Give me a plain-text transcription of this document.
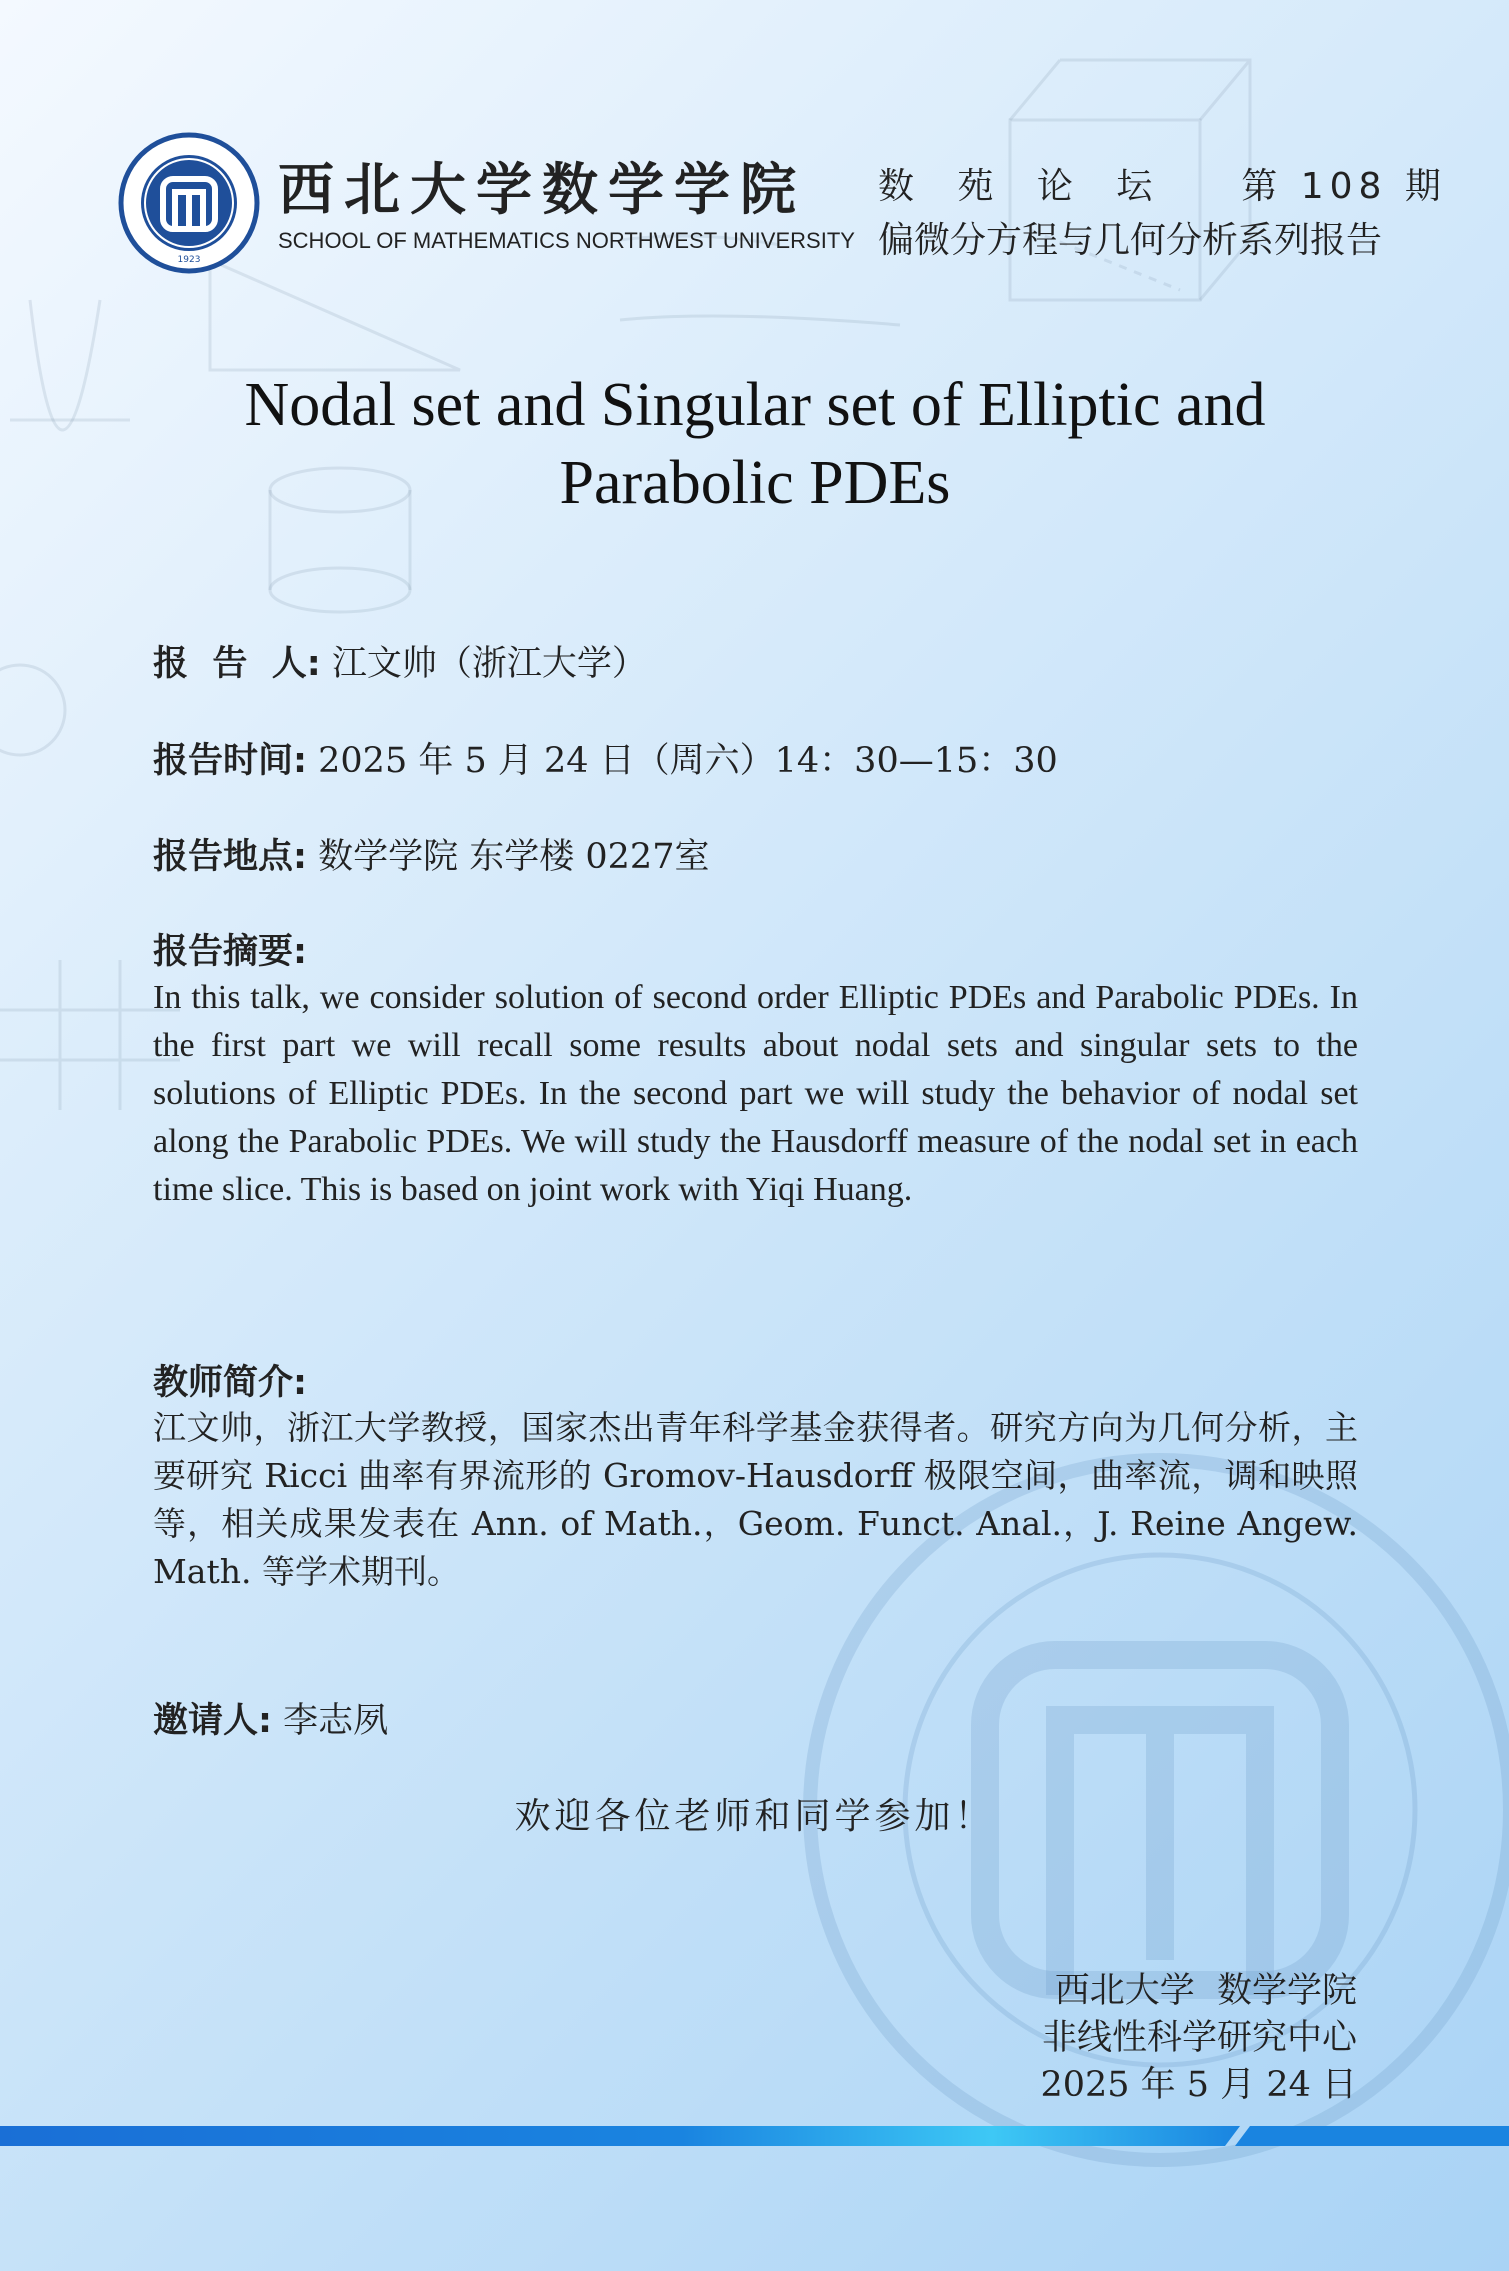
1923
西北大学数学学院
SCHOOL OF MATHEMATICS NORTHWEST UNIVERSITY
数 苑 论 坛 第 108 期
偏微分方程与几何分析系列报告
Nodal set and Singular set of Elliptic and
Parabolic PDEs
报  告  人: 江文帅（浙江大学）
报告时间: 2025 年 5 月 24 日（周六）14：30—15：30
报告地点: 数学学院 东学楼 0227室
报告摘要:
In this talk, we consider solution of second order Elliptic PDEs and Parabolic PDEs. In the first part we will recall some results about nodal sets and singular sets to the solutions of Elliptic PDEs. In the second part we will study the behavior of nodal set along the Parabolic PDEs. We will study the Hausdorff measure of the nodal set in each time slice. This is based on joint work with Yiqi Huang.
教师简介:
江文帅，浙江大学教授，国家杰出青年科学基金获得者。研究方向为几何分析，主要研究 Ricci 曲率有界流形的 Gromov-Hausdorff 极限空间，曲率流，调和映照等，相关成果发表在 Ann. of Math.，Geom. Funct. Anal.，J. Reine Angew. Math. 等学术期刊。
邀请人: 李志夙
欢迎各位老师和同学参加！
西北大学  数学学院
非线性科学研究中心
2025 年 5 月 24 日
